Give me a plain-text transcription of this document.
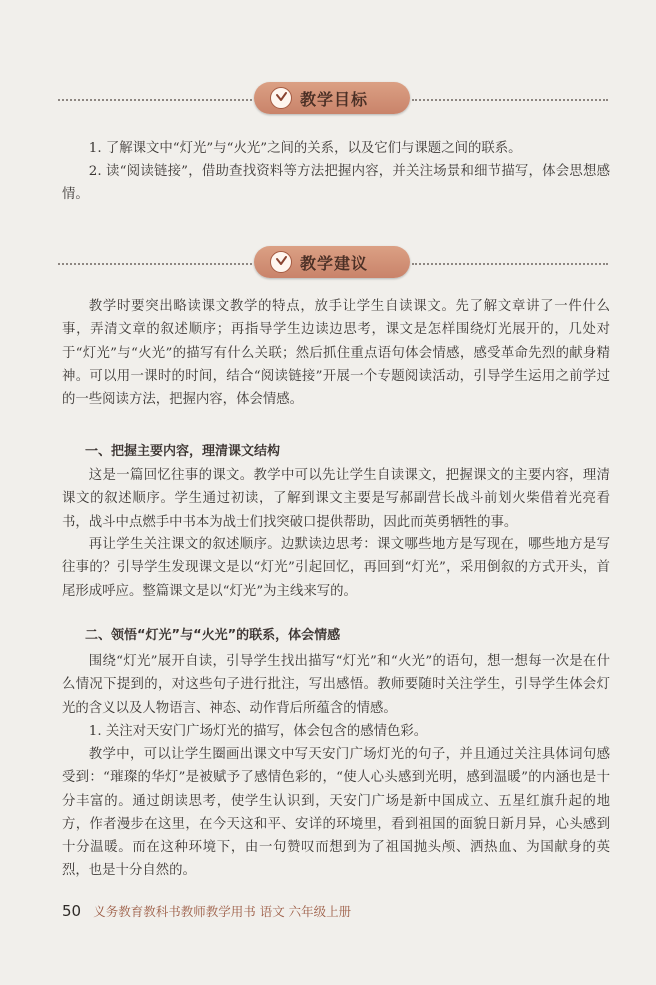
教学目标
1. 了解课文中“灯光”与“火光”之间的关系，以及它们与课题之间的联系。
2. 读“阅读链接”，借助查找资料等方法把握内容，并关注场景和细节描写，体会思想感情。
教学建议
教学时要突出略读课文教学的特点，放手让学生自读课文。先了解文章讲了一件什么事，弄清文章的叙述顺序；再指导学生边读边思考，课文是怎样围绕灯光展开的，几处对于“灯光”与“火光”的描写有什么关联；然后抓住重点语句体会情感，感受革命先烈的献身精神。可以用一课时的时间，结合“阅读链接”开展一个专题阅读活动，引导学生运用之前学过的一些阅读方法，把握内容，体会情感。
一、把握主要内容，理清课文结构
这是一篇回忆往事的课文。教学中可以先让学生自读课文，把握课文的主要内容，理清课文的叙述顺序。学生通过初读，了解到课文主要是写郝副营长战斗前划火柴借着光亮看书，战斗中点燃手中书本为战士们找突破口提供帮助，因此而英勇牺牲的事。
再让学生关注课文的叙述顺序。边默读边思考：课文哪些地方是写现在，哪些地方是写往事的？引导学生发现课文是以“灯光”引起回忆，再回到“灯光”，采用倒叙的方式开头，首尾形成呼应。整篇课文是以“灯光”为主线来写的。
二、领悟“灯光”与“火光”的联系，体会情感
围绕“灯光”展开自读，引导学生找出描写“灯光”和“火光”的语句，想一想每一次是在什么情况下提到的，对这些句子进行批注，写出感悟。教师要随时关注学生，引导学生体会灯光的含义以及人物语言、神态、动作背后所蕴含的情感。
1. 关注对天安门广场灯光的描写，体会包含的感情色彩。
教学中，可以让学生圈画出课文中写天安门广场灯光的句子，并且通过关注具体词句感受到：“璀璨的华灯”是被赋予了感情色彩的，“使人心头感到光明，感到温暖”的内涵也是十分丰富的。通过朗读思考，使学生认识到，天安门广场是新中国成立、五星红旗升起的地方，作者漫步在这里，在今天这和平、安详的环境里，看到祖国的面貌日新月异，心头感到十分温暖。而在这种环境下，由一句赞叹而想到为了祖国抛头颅、洒热血、为国献身的英烈，也是十分自然的。
50 义务教育教科书教师教学用书 语文 六年级上册
